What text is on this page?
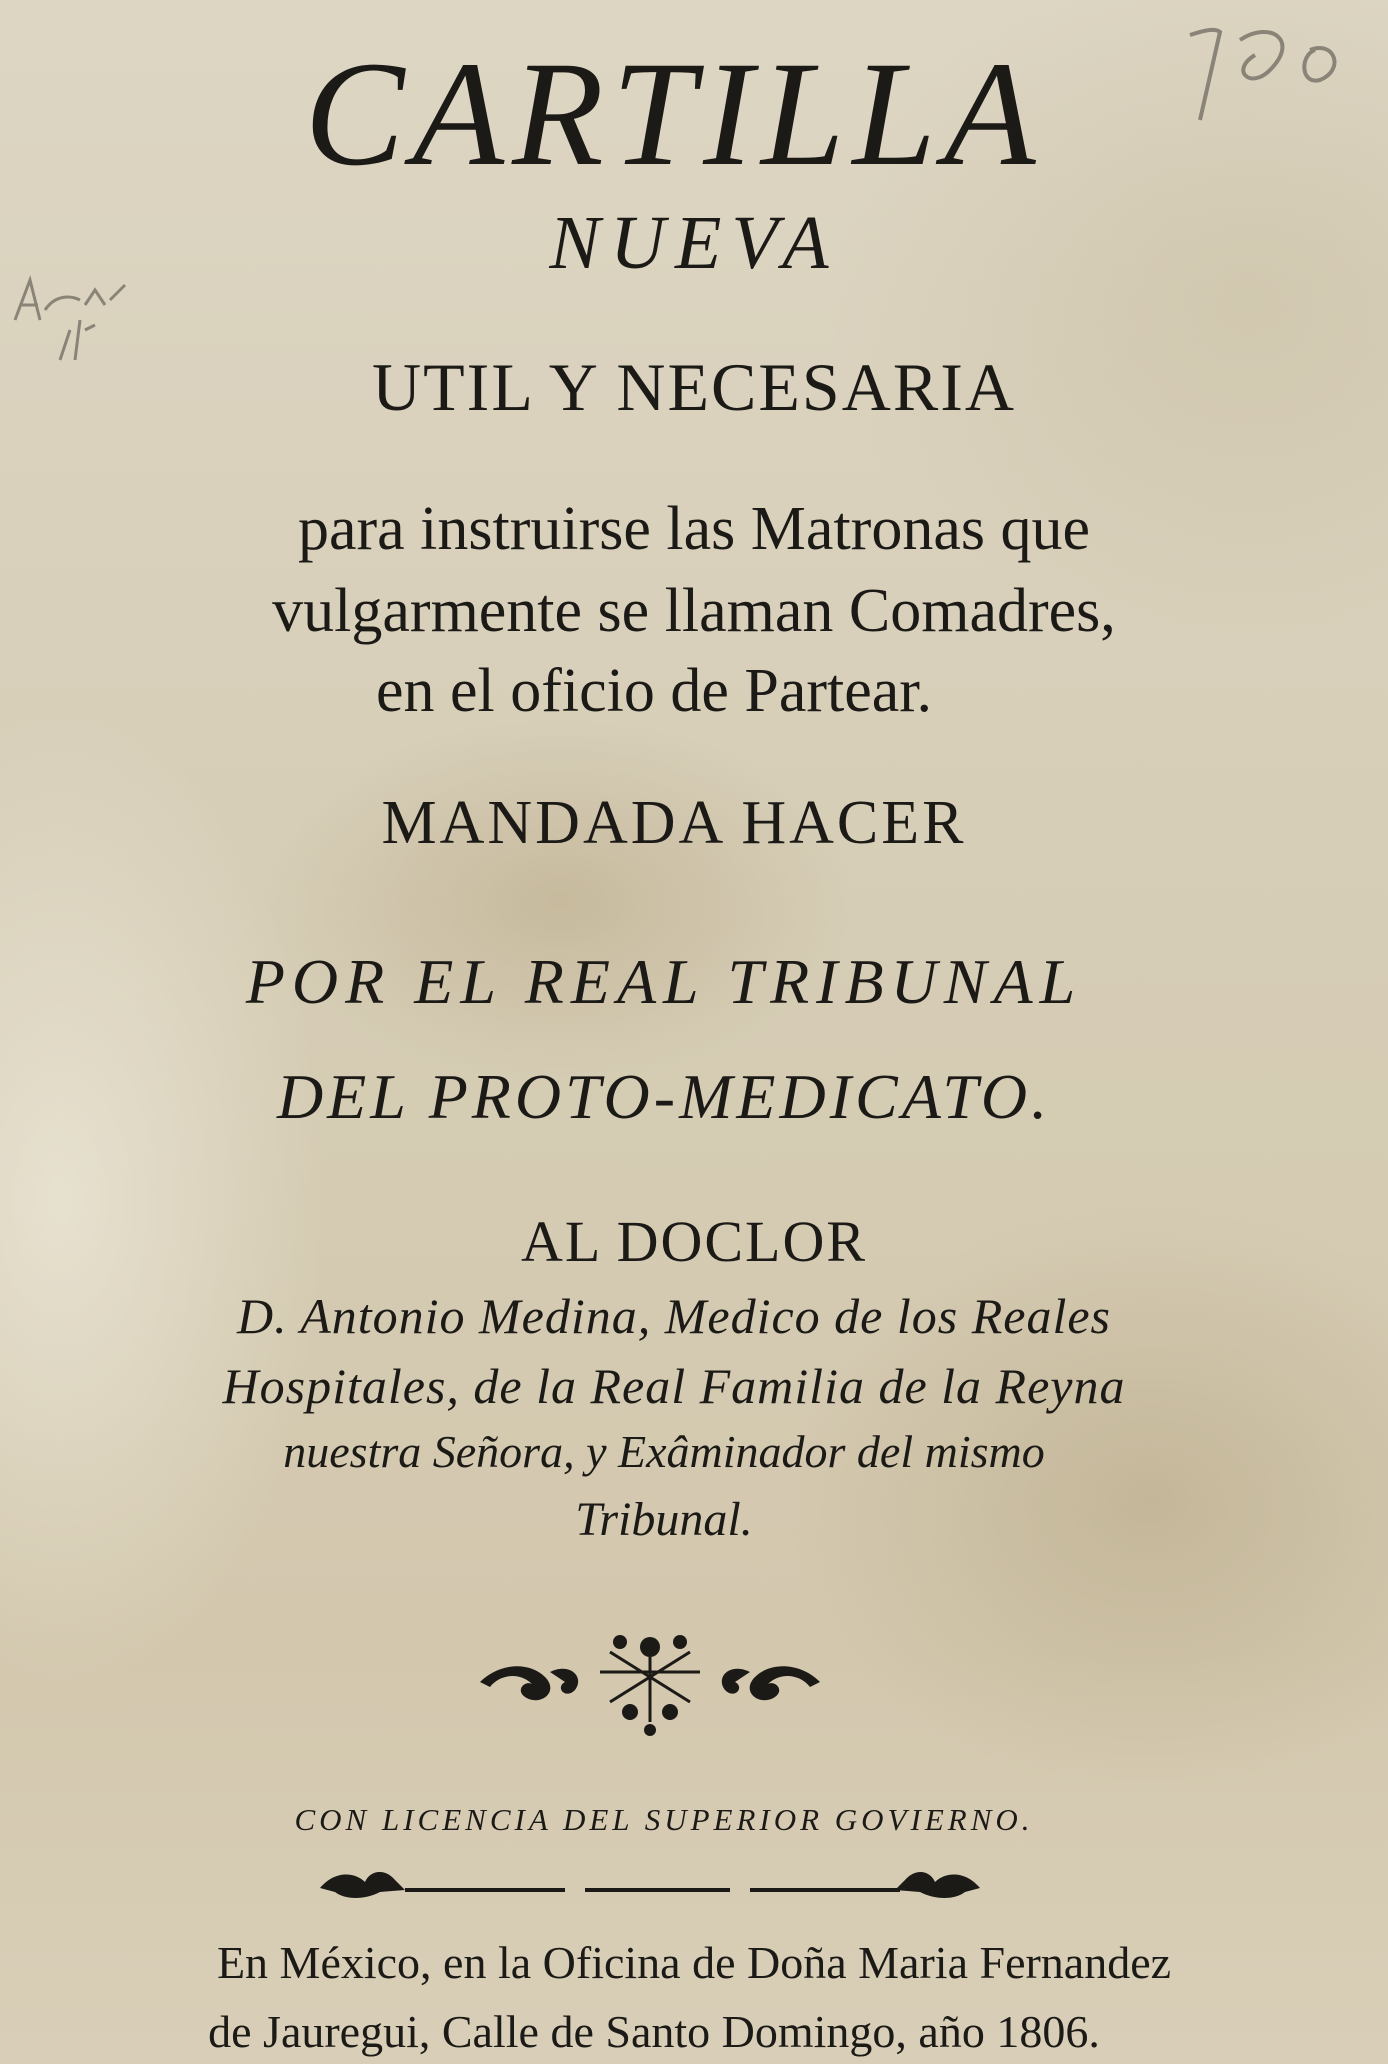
CARTILLA
NUEVA
UTIL Y NECESARIA
para instruirse las Matronas que
vulgarmente se llaman Comadres,
en el oficio de Partear.
MANDADA HACER
POR EL REAL TRIBUNAL
DEL PROTO-MEDICATO.
AL DOCLOR
D. Antonio Medina, Medico de los Reales
Hospitales, de la Real Familia de la Reyna
nuestra Señora, y Exâminador del mismo
Tribunal.
CON LICENCIA DEL SUPERIOR GOVIERNO.
En México, en la Oficina de Doña Maria Fernandez
de Jauregui, Calle de Santo Domingo, año 1806.
